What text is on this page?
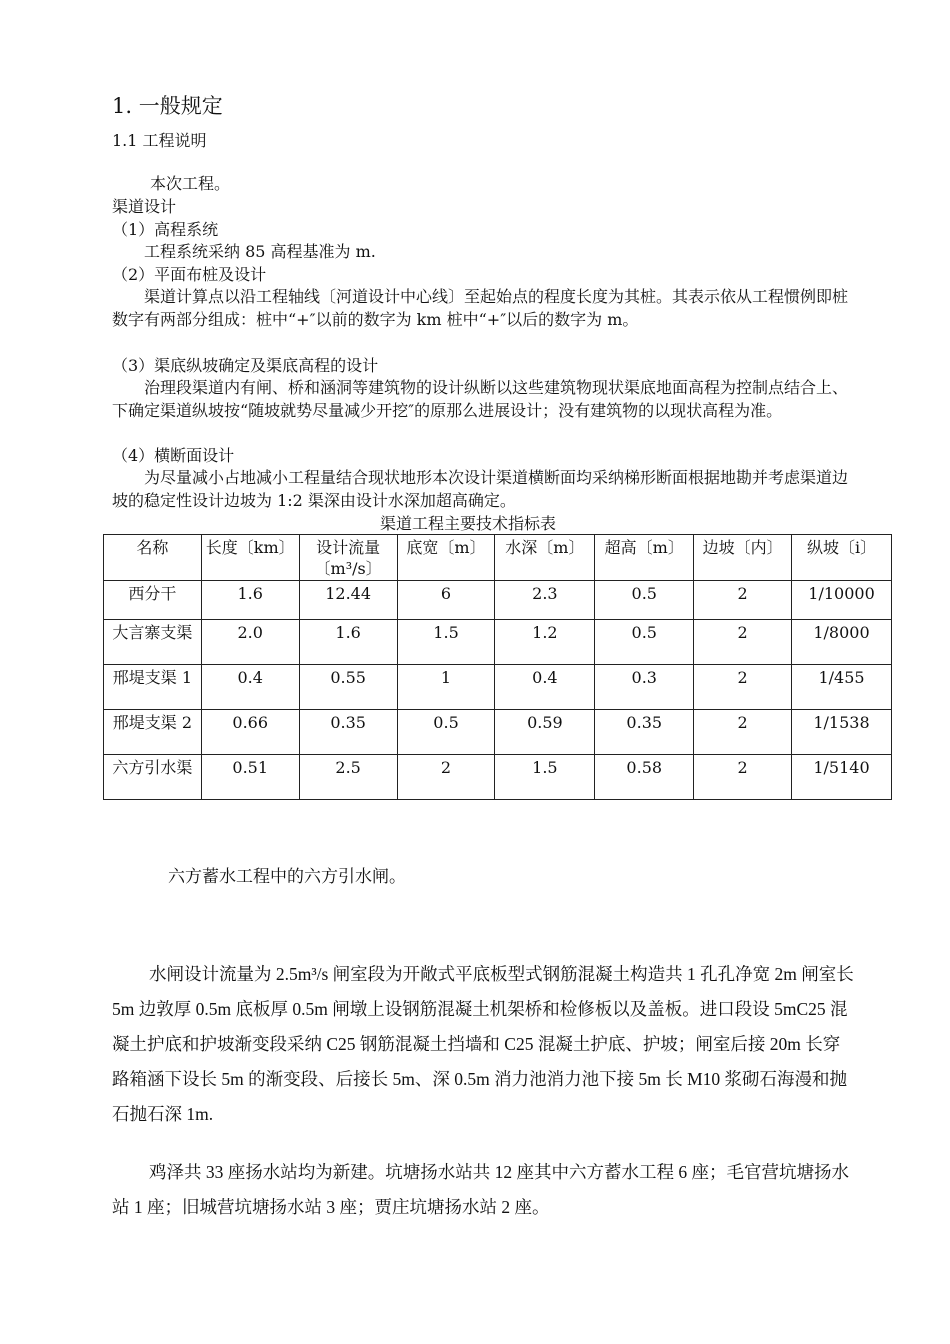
1. 一般规定
1.1 工程说明
本次工程。
渠道设计
（1）高程系统
工程系统采纳 85 高程基准为 m.
（2）平面布桩及设计
渠道计算点以沿工程轴线〔河道设计中心线〕至起始点的程度长度为其桩。其表示依从工程惯例即桩数字有两部分组成：桩中“+″以前的数字为 km 桩中“+″以后的数字为 m。
（3）渠底纵坡确定及渠底高程的设计
治理段渠道内有闸、桥和涵洞等建筑物的设计纵断以这些建筑物现状渠底地面高程为控制点结合上、下确定渠道纵坡按“随坡就势尽量减少开挖″的原那么进展设计；没有建筑物的以现状高程为准。
（4）横断面设计
为尽量减小占地减小工程量结合现状地形本次设计渠道横断面均采纳梯形断面根据地勘并考虑渠道边坡的稳定性设计边坡为 1:2 渠深由设计水深加超高确定。
渠道工程主要技术指标表
名称	长度〔km〕	设计流量〔m³/s〕	底宽〔m〕	水深〔m〕	超高〔m〕	边坡〔内〕	纵坡〔i〕
西分干	1.6	12.44	6	2.3	0.5	2	1/10000
大言寨支渠	2.0	1.6	1.5	1.2	0.5	2	1/8000
邢堤支渠 1	0.4	0.55	1	0.4	0.3	2	1/455
邢堤支渠 2	0.66	0.35	0.5	0.59	0.35	2	1/1538
六方引水渠	0.51	2.5	2	1.5	0.58	2	1/5140
六方蓄水工程中的六方引水闸。
水闸设计流量为 2.5m³/s 闸室段为开敞式平底板型式钢筋混凝土构造共 1 孔孔净宽 2m 闸室长 5m 边敦厚 0.5m 底板厚 0.5m 闸墩上设钢筋混凝土机架桥和检修板以及盖板。进口段设 5mC25 混凝土护底和护坡渐变段采纳 C25 钢筋混凝土挡墙和 C25 混凝土护底、护坡；闸室后接 20m 长穿路箱涵下设长 5m 的渐变段、后接长 5m、深 0.5m 消力池消力池下接 5m 长 M10 浆砌石海漫和抛石抛石深 1m.
鸡泽共 33 座扬水站均为新建。坑塘扬水站共 12 座其中六方蓄水工程 6 座；毛官营坑塘扬水站 1 座；旧城营坑塘扬水站 3 座；贾庄坑塘扬水站 2 座。
